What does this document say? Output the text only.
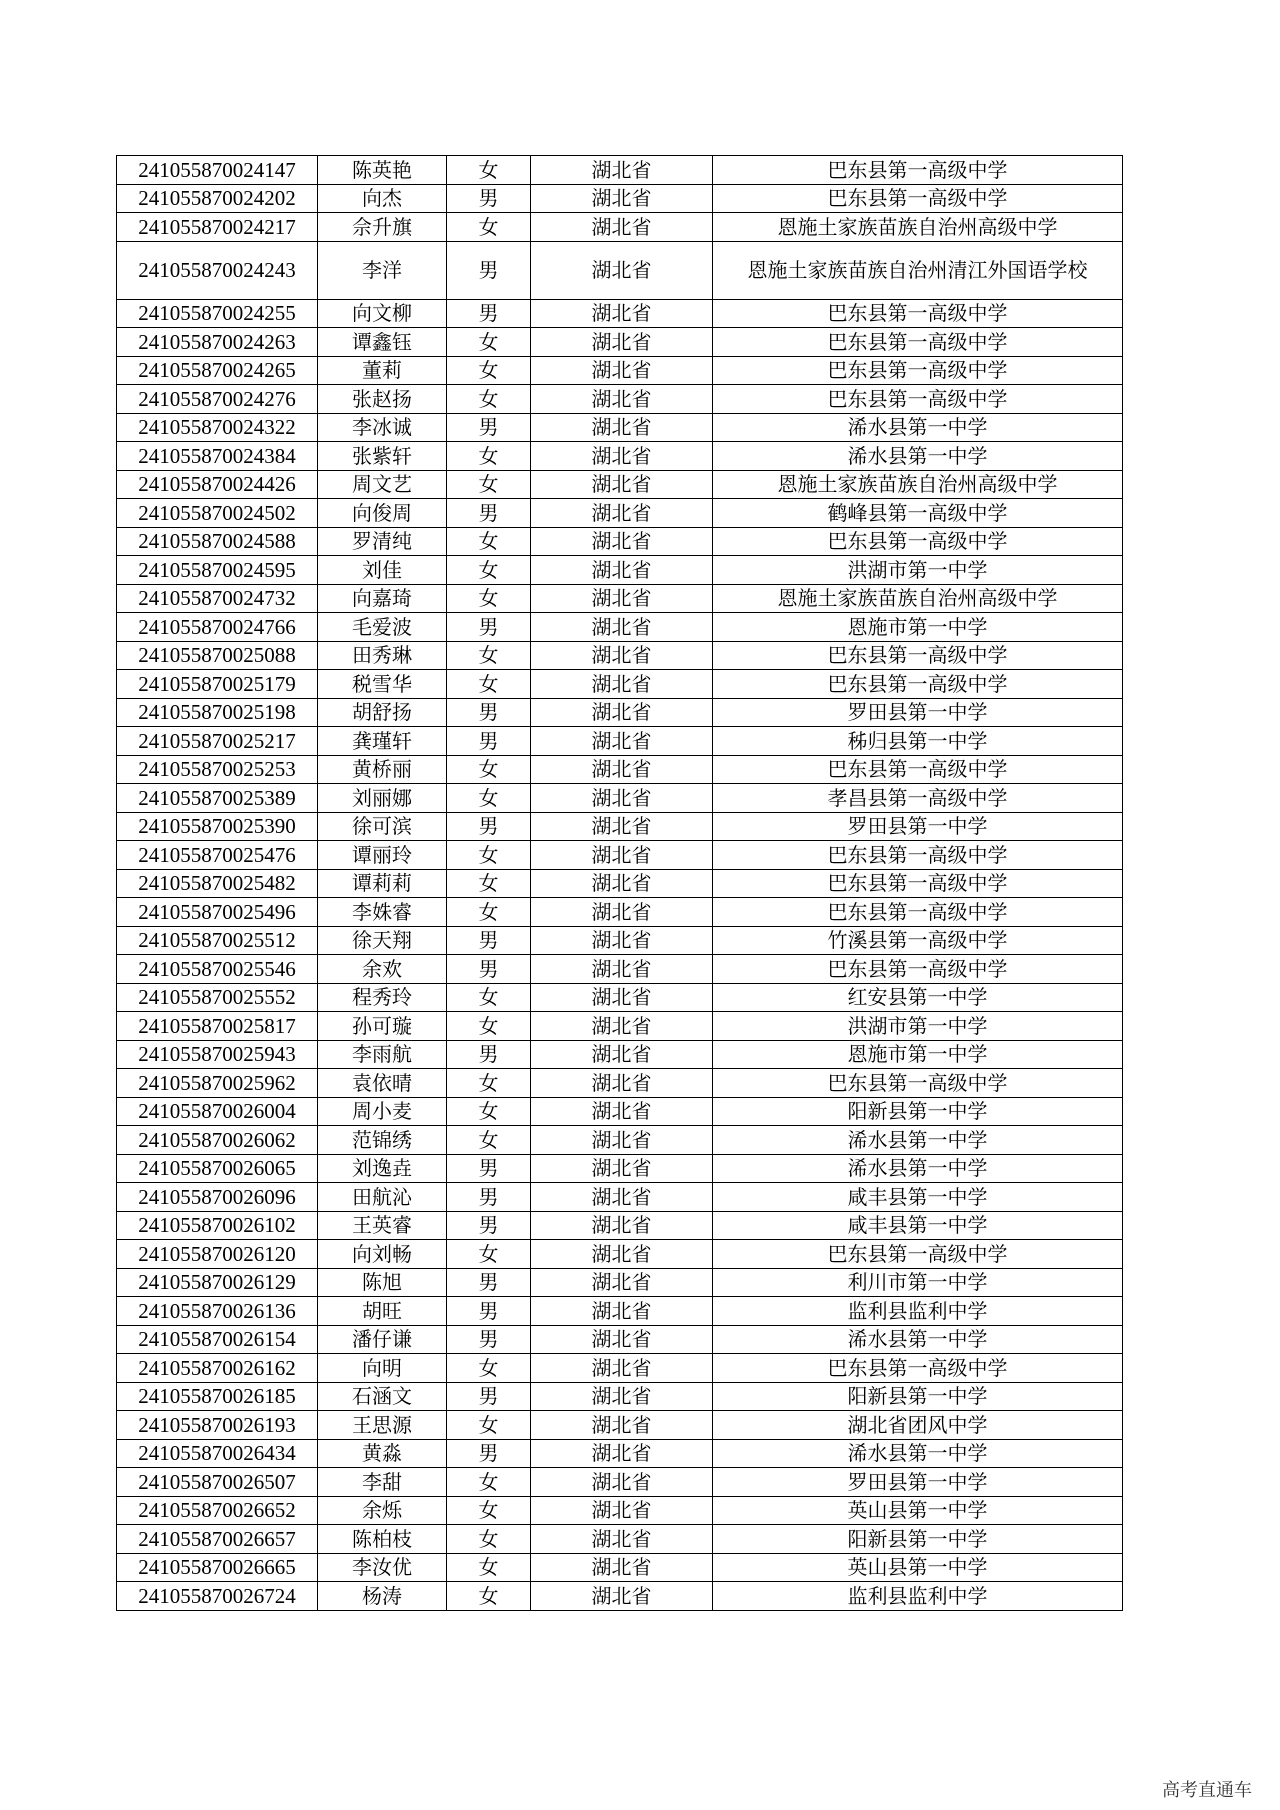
241055870024147	陈英艳	女	湖北省	巴东县第一高级中学
241055870024202	向杰	男	湖北省	巴东县第一高级中学
241055870024217	佘升旗	女	湖北省	恩施土家族苗族自治州高级中学
241055870024243	李洋	男	湖北省	恩施土家族苗族自治州清江外国语学校
241055870024255	向文柳	男	湖北省	巴东县第一高级中学
241055870024263	谭鑫钰	女	湖北省	巴东县第一高级中学
241055870024265	董莉	女	湖北省	巴东县第一高级中学
241055870024276	张赵扬	女	湖北省	巴东县第一高级中学
241055870024322	李冰诚	男	湖北省	浠水县第一中学
241055870024384	张紫轩	女	湖北省	浠水县第一中学
241055870024426	周文艺	女	湖北省	恩施土家族苗族自治州高级中学
241055870024502	向俊周	男	湖北省	鹤峰县第一高级中学
241055870024588	罗清纯	女	湖北省	巴东县第一高级中学
241055870024595	刘佳	女	湖北省	洪湖市第一中学
241055870024732	向嘉琦	女	湖北省	恩施土家族苗族自治州高级中学
241055870024766	毛爱波	男	湖北省	恩施市第一中学
241055870025088	田秀琳	女	湖北省	巴东县第一高级中学
241055870025179	税雪华	女	湖北省	巴东县第一高级中学
241055870025198	胡舒扬	男	湖北省	罗田县第一中学
241055870025217	龚瑾轩	男	湖北省	秭归县第一中学
241055870025253	黄桥丽	女	湖北省	巴东县第一高级中学
241055870025389	刘丽娜	女	湖北省	孝昌县第一高级中学
241055870025390	徐可滨	男	湖北省	罗田县第一中学
241055870025476	谭丽玲	女	湖北省	巴东县第一高级中学
241055870025482	谭莉莉	女	湖北省	巴东县第一高级中学
241055870025496	李姝睿	女	湖北省	巴东县第一高级中学
241055870025512	徐天翔	男	湖北省	竹溪县第一高级中学
241055870025546	余欢	男	湖北省	巴东县第一高级中学
241055870025552	程秀玲	女	湖北省	红安县第一中学
241055870025817	孙可璇	女	湖北省	洪湖市第一中学
241055870025943	李雨航	男	湖北省	恩施市第一中学
241055870025962	袁依晴	女	湖北省	巴东县第一高级中学
241055870026004	周小麦	女	湖北省	阳新县第一中学
241055870026062	范锦绣	女	湖北省	浠水县第一中学
241055870026065	刘逸垚	男	湖北省	浠水县第一中学
241055870026096	田航沁	男	湖北省	咸丰县第一中学
241055870026102	王英睿	男	湖北省	咸丰县第一中学
241055870026120	向刘畅	女	湖北省	巴东县第一高级中学
241055870026129	陈旭	男	湖北省	利川市第一中学
241055870026136	胡旺	男	湖北省	监利县监利中学
241055870026154	潘仔谦	男	湖北省	浠水县第一中学
241055870026162	向明	女	湖北省	巴东县第一高级中学
241055870026185	石涵文	男	湖北省	阳新县第一中学
241055870026193	王思源	女	湖北省	湖北省团风中学
241055870026434	黄淼	男	湖北省	浠水县第一中学
241055870026507	李甜	女	湖北省	罗田县第一中学
241055870026652	余烁	女	湖北省	英山县第一中学
241055870026657	陈柏枝	女	湖北省	阳新县第一中学
241055870026665	李汝优	女	湖北省	英山县第一中学
241055870026724	杨涛	女	湖北省	监利县监利中学
高考直通车
